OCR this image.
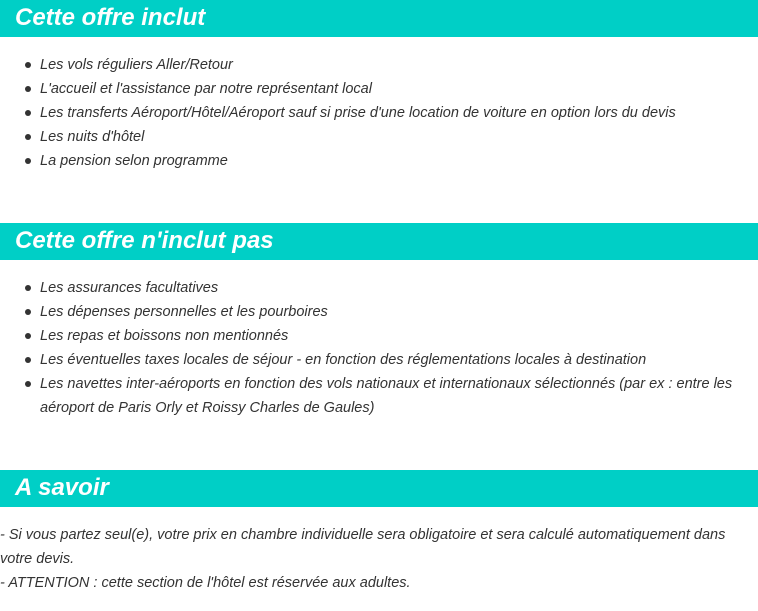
Cette offre inclut
Les vols réguliers Aller/Retour
L'accueil et l'assistance par notre représentant local
Les transferts Aéroport/Hôtel/Aéroport sauf si prise d'une location de voiture en option lors du devis
Les nuits d'hôtel
La pension selon programme
Cette offre n'inclut pas
Les assurances facultatives
Les dépenses personnelles et les pourboires
Les repas et boissons non mentionnés
Les éventuelles taxes locales de séjour - en fonction des réglementations locales à destination
Les navettes inter-aéroports en fonction des vols nationaux et internationaux sélectionnés (par ex : entre les aéroport de Paris Orly et Roissy Charles de Gaules)
A savoir
- Si vous partez seul(e), votre prix en chambre individuelle sera obligatoire et sera calculé automatiquement dans votre devis.
- ATTENTION : cette section de l'hôtel est réservée aux adultes.
